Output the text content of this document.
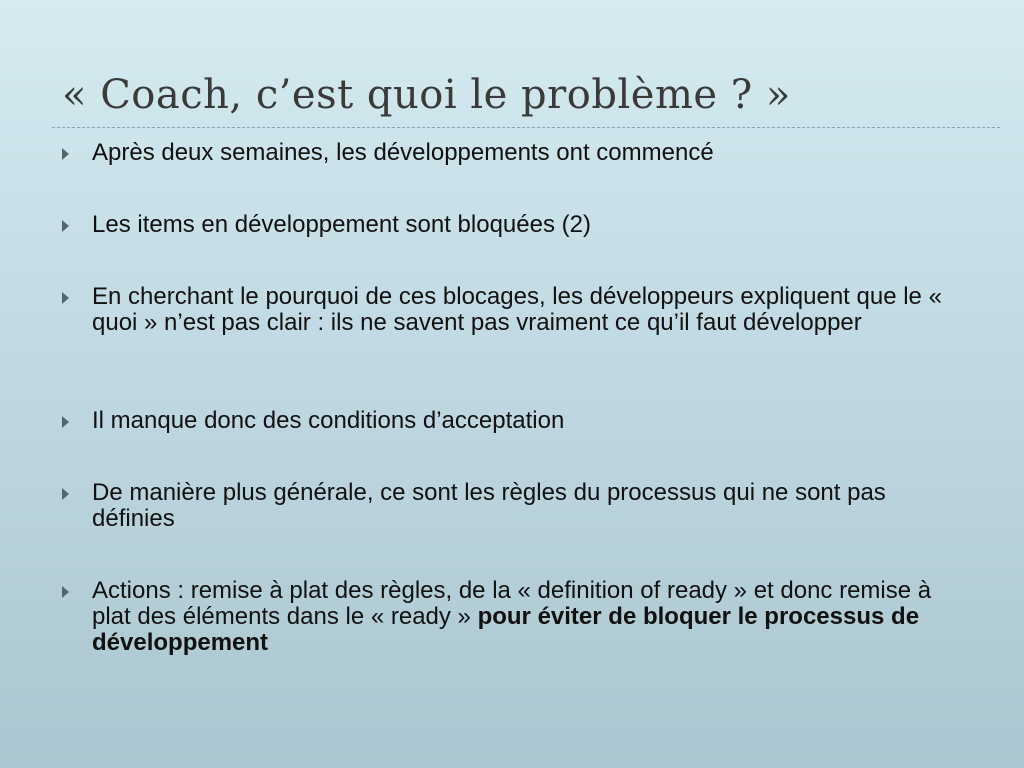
« Coach, c’est quoi le problème ? »
Après deux semaines, les développements ont commencé
Les items en développement sont bloquées (2)
En cherchant le pourquoi de ces blocages, les développeurs expliquent que le « quoi » n’est pas clair : ils ne savent pas vraiment ce qu’il faut développer
Il manque donc des conditions d’acceptation
De manière plus générale, ce sont les règles du processus qui ne sont pas définies
Actions : remise à plat des règles, de la « definition of ready » et donc remise à plat des éléments dans le « ready » pour éviter de bloquer le processus de développement
